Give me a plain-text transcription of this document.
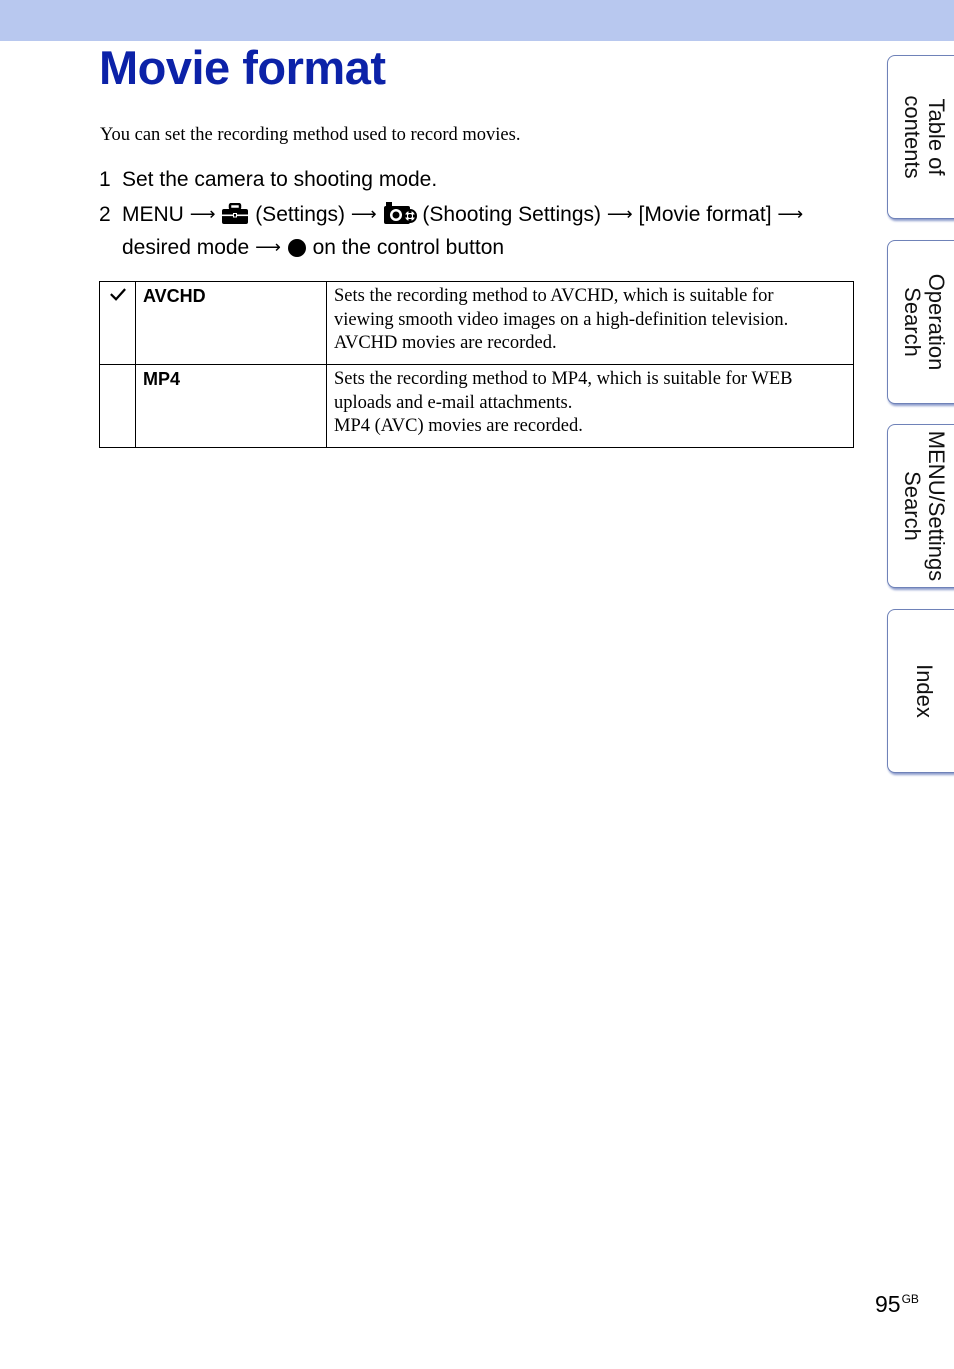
Movie format
You can set the recording method used to record movies.
1 Set the camera to shooting mode.
2 MENU ⟶ (Settings) ⟶ (Shooting Settings) ⟶ [Movie format] ⟶
desired mode ⟶ on the control button
	AVCHD	Sets the recording method to AVCHD, which is suitable for
viewing smooth video images on a high-definition television.
AVCHD movies are recorded.

	MP4	Sets the recording method to MP4, which is suitable for WEB
uploads and e-mail attachments.
MP4 (AVC) movies are recorded.
Table of
contents
Operation
Search
MENU/Settings
Search
Index
$95^{GB}$
